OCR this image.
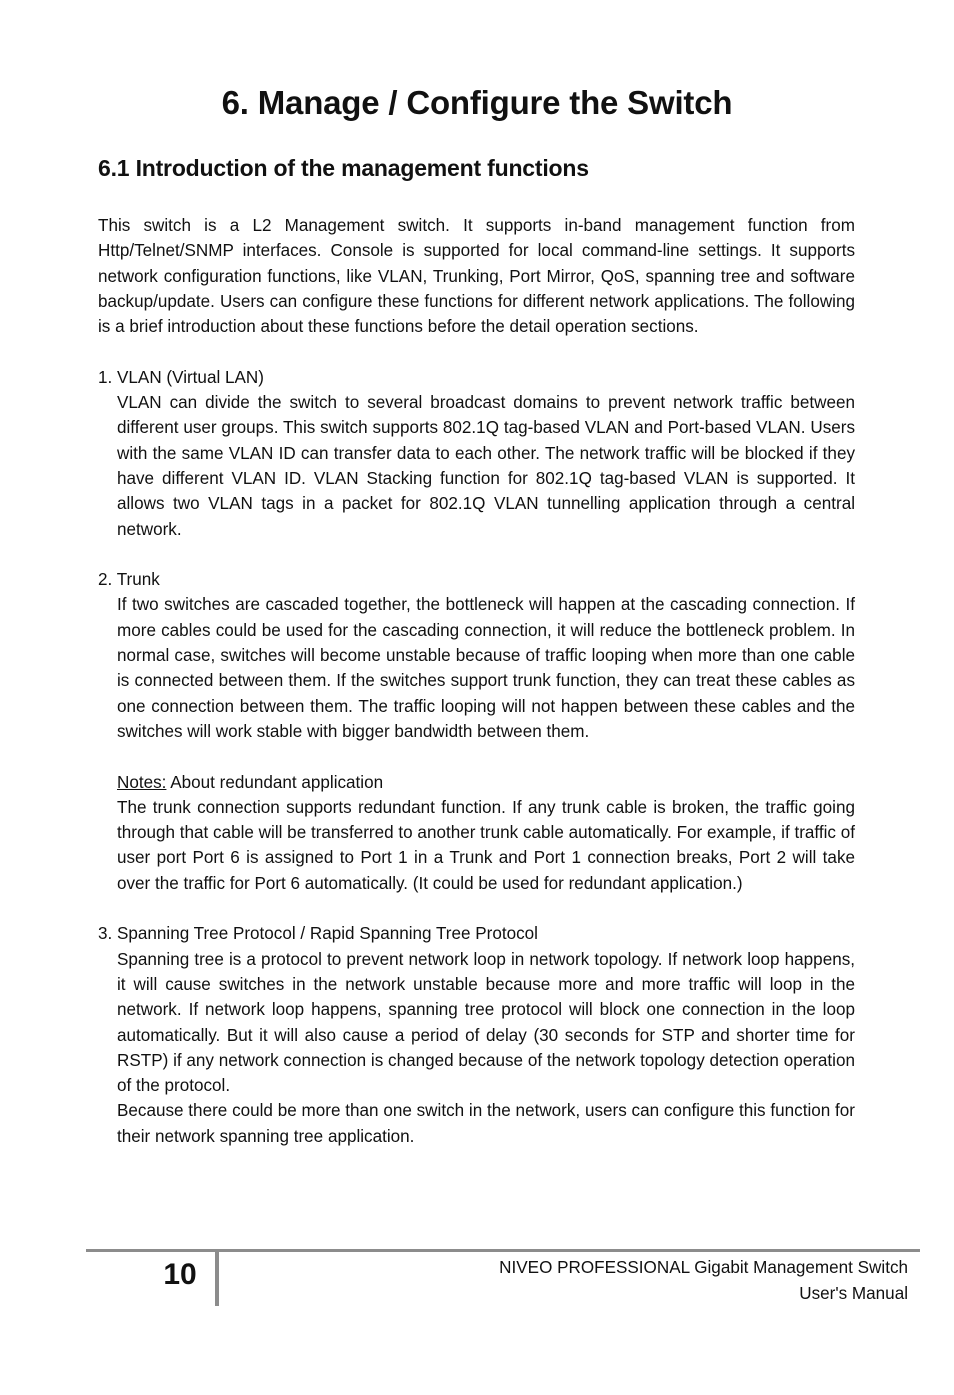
6. Manage / Configure the Switch
6.1 Introduction of the management functions

This switch is a L2 Management switch. It supports in-band management function from Http/Telnet/SNMP interfaces. Console is supported for local command-line settings. It supports network configuration functions, like VLAN, Trunking, Port Mirror, QoS, spanning tree and software backup/update. Users can configure these functions for different network applications. The following is a brief introduction about these functions before the detail operation sections.

1. VLAN (Virtual LAN)

VLAN can divide the switch to several broadcast domains to prevent network traffic between different user groups. This switch supports 802.1Q tag-based VLAN and Port-based VLAN. Users with the same VLAN ID can transfer data to each other. The network traffic will be blocked if they have different VLAN ID. VLAN Stacking function for 802.1Q tag-based VLAN is supported. It allows two VLAN tags in a packet for 802.1Q VLAN tunnelling application through a central network.

2. Trunk

If two switches are cascaded together, the bottleneck will happen at the cascading connection. If more cables could be used for the cascading connection, it will reduce the bottleneck problem. In normal case, switches will become unstable because of traffic looping when more than one cable is connected between them. If the switches support trunk function, they can treat these cables as one connection between them. The traffic looping will not happen between these cables and the switches will work stable with bigger bandwidth between them.

Notes: About redundant application

The trunk connection supports redundant function. If any trunk cable is broken, the traffic going through that cable will be transferred to another trunk cable automatically. For example, if traffic of user port Port 6 is assigned to Port 1 in a Trunk and Port 1 connection breaks, Port 2 will take over the traffic for Port 6 automatically. (It could be used for redundant application.)

3. Spanning Tree Protocol / Rapid Spanning Tree Protocol

Spanning tree is a protocol to prevent network loop in network topology. If network loop happens, it will cause switches in the network unstable because more and more traffic will loop in the network. If network loop happens, spanning tree protocol will block one connection in the loop automatically. But it will also cause a period of delay (30 seconds for STP and shorter time for RSTP) if any network connection is changed because of the network topology detection operation of the protocol.

Because there could be more than one switch in the network, users can configure this function for their network spanning tree application.

10	NIVEO PROFESSIONAL Gigabit Management Switch
User's Manual
